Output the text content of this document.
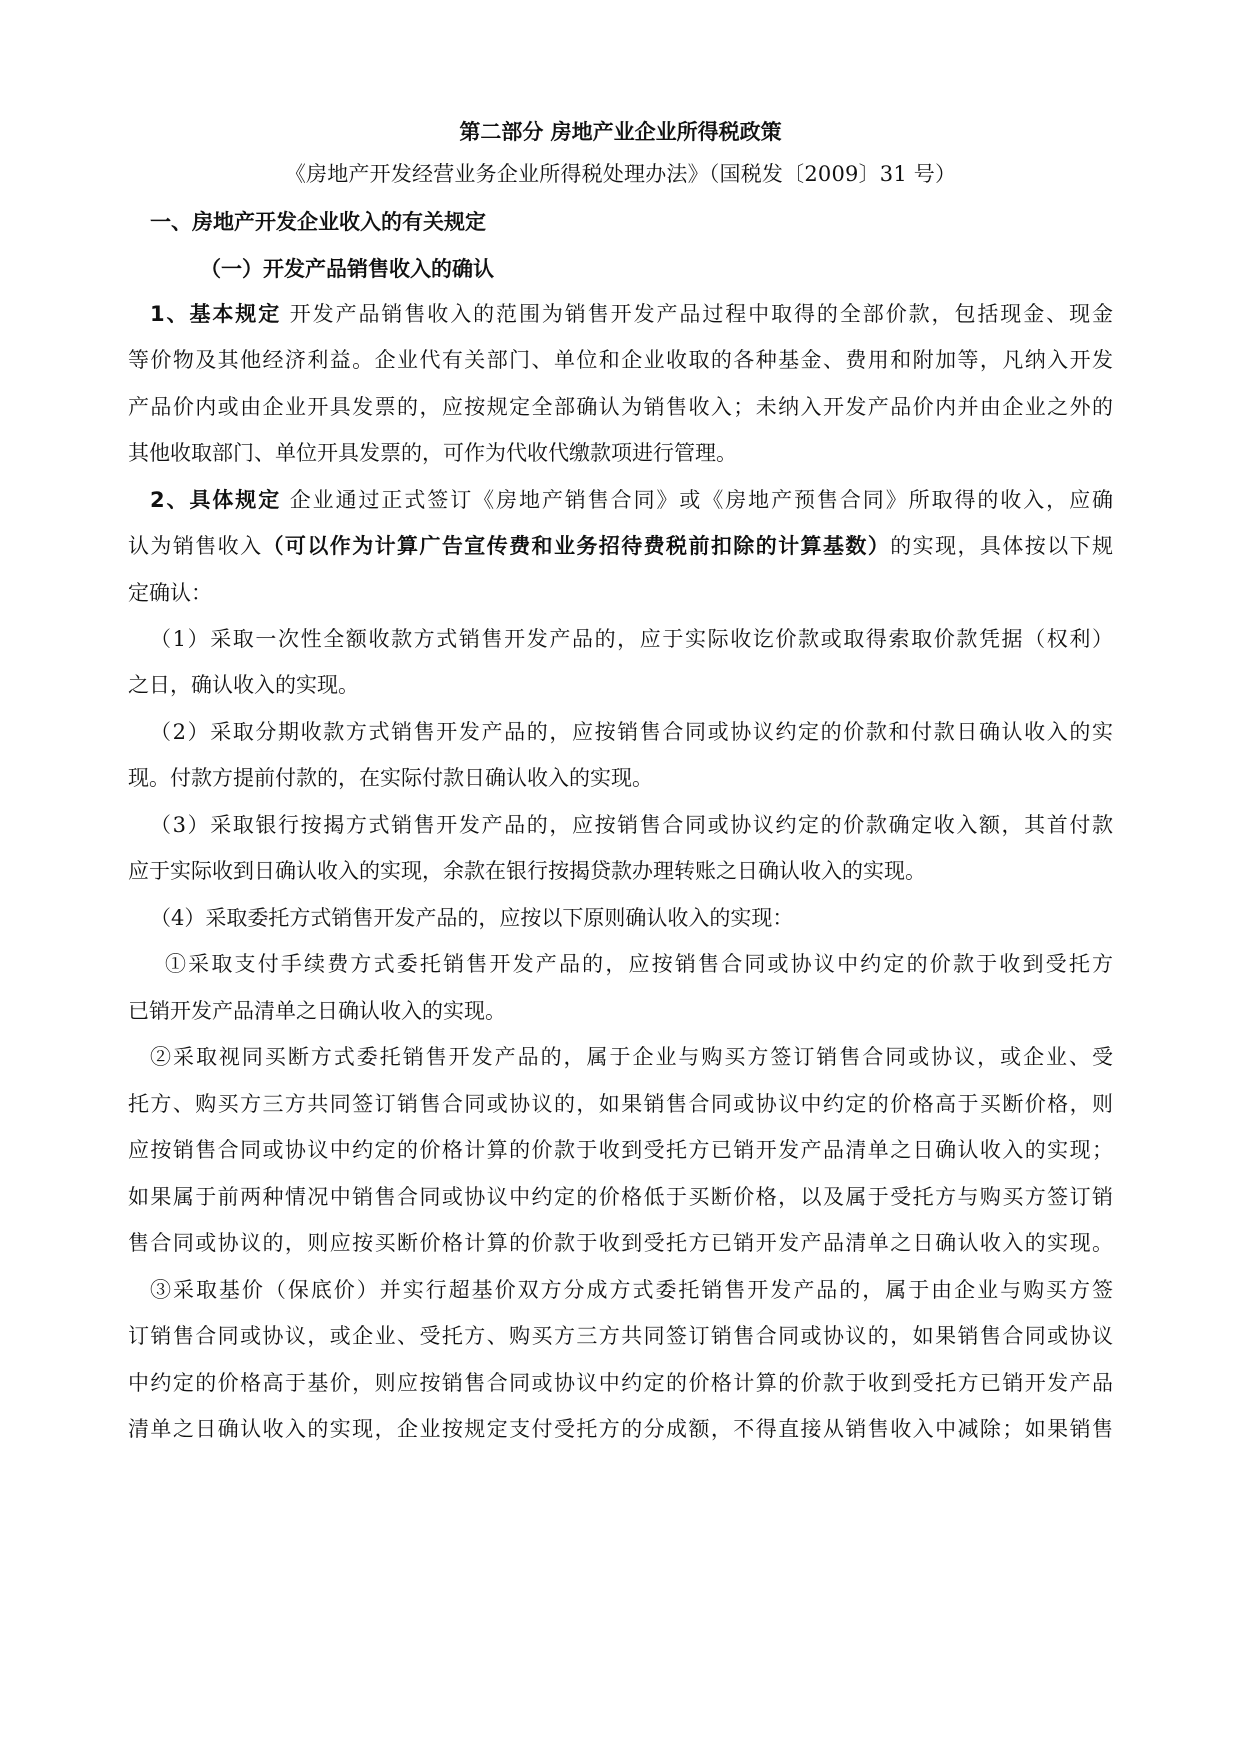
第二部分 房地产业企业所得税政策
《房地产开发经营业务企业所得税处理办法》（国税发〔2009〕31 号）
一、房地产开发企业收入的有关规定
（一）开发产品销售收入的确认
1、基本规定 开发产品销售收入的范围为销售开发产品过程中取得的全部价款，包括现金、现金
等价物及其他经济利益。企业代有关部门、单位和企业收取的各种基金、费用和附加等，凡纳入开发
产品价内或由企业开具发票的，应按规定全部确认为销售收入；未纳入开发产品价内并由企业之外的
其他收取部门、单位开具发票的，可作为代收代缴款项进行管理。
2、具体规定 企业通过正式签订《房地产销售合同》或《房地产预售合同》所取得的收入，应确
认为销售收入（可以作为计算广告宣传费和业务招待费税前扣除的计算基数）的实现，具体按以下规
定确认：
（1）采取一次性全额收款方式销售开发产品的，应于实际收讫价款或取得索取价款凭据（权利）
之日，确认收入的实现。
（2）采取分期收款方式销售开发产品的，应按销售合同或协议约定的价款和付款日确认收入的实
现。付款方提前付款的，在实际付款日确认收入的实现。
（3）采取银行按揭方式销售开发产品的，应按销售合同或协议约定的价款确定收入额，其首付款
应于实际收到日确认收入的实现，余款在银行按揭贷款办理转账之日确认收入的实现。
（4）采取委托方式销售开发产品的，应按以下原则确认收入的实现：
①采取支付手续费方式委托销售开发产品的，应按销售合同或协议中约定的价款于收到受托方
已销开发产品清单之日确认收入的实现。
②采取视同买断方式委托销售开发产品的，属于企业与购买方签订销售合同或协议，或企业、受
托方、购买方三方共同签订销售合同或协议的，如果销售合同或协议中约定的价格高于买断价格，则
应按销售合同或协议中约定的价格计算的价款于收到受托方已销开发产品清单之日确认收入的实现；
如果属于前两种情况中销售合同或协议中约定的价格低于买断价格，以及属于受托方与购买方签订销
售合同或协议的，则应按买断价格计算的价款于收到受托方已销开发产品清单之日确认收入的实现。
③采取基价（保底价）并实行超基价双方分成方式委托销售开发产品的，属于由企业与购买方签
订销售合同或协议，或企业、受托方、购买方三方共同签订销售合同或协议的，如果销售合同或协议
中约定的价格高于基价，则应按销售合同或协议中约定的价格计算的价款于收到受托方已销开发产品
清单之日确认收入的实现，企业按规定支付受托方的分成额，不得直接从销售收入中减除；如果销售
